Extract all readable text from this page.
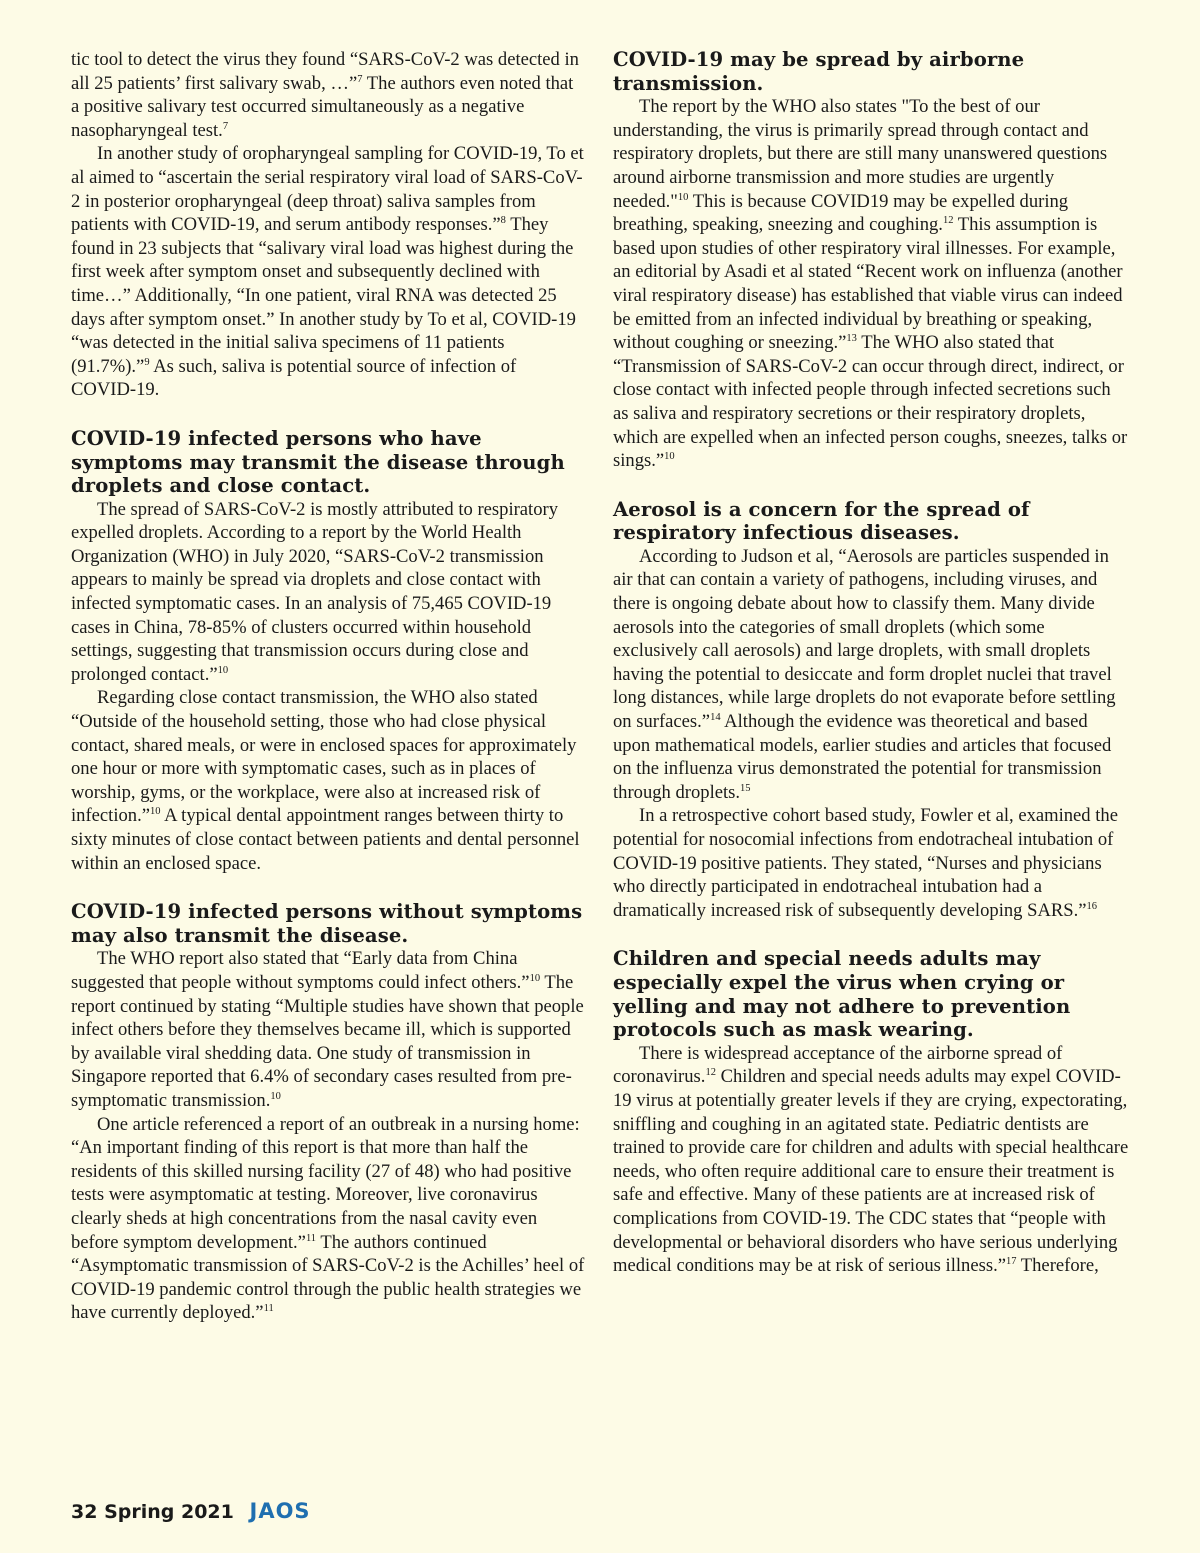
tic tool to detect the virus they found “SARS-CoV-2 was detected in all 25 patients’ first salivary swab, …”$^7$ The authors even noted that a positive salivary test occurred simultaneously as a negative nasopharyngeal test.$^7$

In another study of oropharyngeal sampling for COVID-19, To et al aimed to “ascertain the serial respiratory viral load of SARS-CoV-2 in posterior oropharyngeal (deep throat) saliva samples from patients with COVID-19, and serum antibody responses.”$^8$ They found in 23 subjects that “salivary viral load was highest during the first week after symptom onset and subsequently declined with time…” Additionally, “In one patient, viral RNA was detected 25 days after symptom onset.” In another study by To et al, COVID-19 “was detected in the initial saliva specimens of 11 patients (91.7%).”$^9$ As such, saliva is potential source of infection of COVID-19.

COVID-19 infected persons who have symptoms may transmit the disease through droplets and close contact.

The spread of SARS-CoV-2 is mostly attributed to respiratory expelled droplets. According to a report by the World Health Organization (WHO) in July 2020, “SARS-CoV-2 transmission appears to mainly be spread via droplets and close contact with infected symptomatic cases. In an analysis of 75,465 COVID-19 cases in China, 78-85% of clusters occurred within household settings, suggesting that transmission occurs during close and prolonged contact.”$^{10}$

Regarding close contact transmission, the WHO also stated “Outside of the household setting, those who had close physical contact, shared meals, or were in enclosed spaces for approximately one hour or more with symptomatic cases, such as in places of worship, gyms, or the workplace, were also at increased risk of infection.”$^{10}$ A typical dental appointment ranges between thirty to sixty minutes of close contact between patients and dental personnel within an enclosed space.

COVID-19 infected persons without symptoms may also transmit the disease.

The WHO report also stated that “Early data from China suggested that people without symptoms could infect others.”$^{10}$ The report continued by stating “Multiple studies have shown that people infect others before they themselves became ill, which is supported by available viral shedding data. One study of transmission in Singapore reported that 6.4% of secondary cases resulted from pre-symptomatic transmission.$^{10}$

One article referenced a report of an outbreak in a nursing home: “An important finding of this report is that more than half the residents of this skilled nursing facility (27 of 48) who had positive tests were asymptomatic at testing. Moreover, live coronavirus clearly sheds at high concentrations from the nasal cavity even before symptom development.”$^{11}$ The authors continued “Asymptomatic transmission of SARS-CoV-2 is the Achilles’ heel of COVID-19 pandemic control through the public health strategies we have currently deployed.”$^{11}$

COVID-19 may be spread by airborne transmission.

The report by the WHO also states "To the best of our understanding, the virus is primarily spread through contact and respiratory droplets, but there are still many unanswered questions around airborne transmission and more studies are urgently needed."$^{10}$ This is because COVID19 may be expelled during breathing, speaking, sneezing and coughing.$^{12}$ This assumption is based upon studies of other respiratory viral illnesses. For example, an editorial by Asadi et al stated “Recent work on influenza (another viral respiratory disease) has established that viable virus can indeed be emitted from an infected individual by breathing or speaking, without coughing or sneezing.”$^{13}$ The WHO also stated that “Transmission of SARS-CoV-2 can occur through direct, indirect, or close contact with infected people through infected secretions such as saliva and respiratory secretions or their respiratory droplets, which are expelled when an infected person coughs, sneezes, talks or sings.”$^{10}$

Aerosol is a concern for the spread of respiratory infectious diseases.

According to Judson et al, “Aerosols are particles suspended in air that can contain a variety of pathogens, including viruses, and there is ongoing debate about how to classify them. Many divide aerosols into the categories of small droplets (which some exclusively call aerosols) and large droplets, with small droplets having the potential to desiccate and form droplet nuclei that travel long distances, while large droplets do not evaporate before settling on surfaces.”$^{14}$ Although the evidence was theoretical and based upon mathematical models, earlier studies and articles that focused on the influenza virus demonstrated the potential for transmission through droplets.$^{15}$

In a retrospective cohort based study, Fowler et al, examined the potential for nosocomial infections from endotracheal intubation of COVID-19 positive patients. They stated, “Nurses and physicians who directly participated in endotracheal intubation had a dramatically increased risk of subsequently developing SARS.”$^{16}$

Children and special needs adults may especially expel the virus when crying or yelling and may not adhere to prevention protocols such as mask wearing.

There is widespread acceptance of the airborne spread of coronavirus.$^{12}$ Children and special needs adults may expel COVID-19 virus at potentially greater levels if they are crying, expectorating, sniffling and coughing in an agitated state. Pediatric dentists are trained to provide care for children and adults with special healthcare needs, who often require additional care to ensure their treatment is safe and effective. Many of these patients are at increased risk of complications from COVID-19. The CDC states that “people with developmental or behavioral disorders who have serious underlying medical conditions may be at risk of serious illness.”$^{17}$ Therefore,

32 Spring 2021 JAOS
